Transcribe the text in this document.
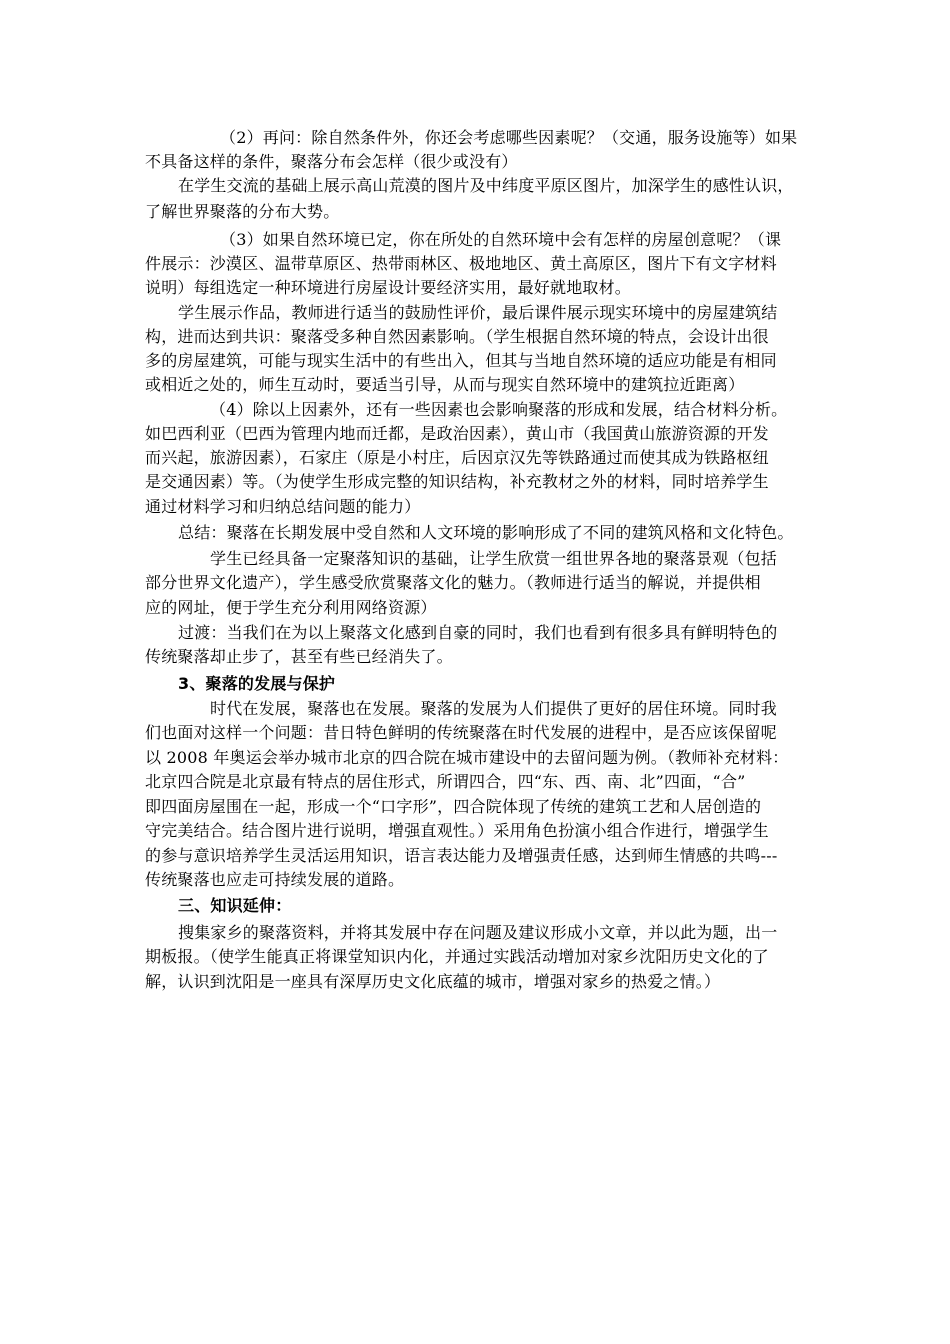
（2）再问：除自然条件外，你还会考虑哪些因素呢？（交通，服务设施等）如果
不具备这样的条件，聚落分布会怎样（很少或没有）
在学生交流的基础上展示高山荒漠的图片及中纬度平原区图片，加深学生的感性认识，
了解世界聚落的分布大势。
（3）如果自然环境已定，你在所处的自然环境中会有怎样的房屋创意呢？（课
件展示：沙漠区、温带草原区、热带雨林区、极地地区、黄土高原区，图片下有文字材料
说明）每组选定一种环境进行房屋设计要经济实用，最好就地取材。
学生展示作品，教师进行适当的鼓励性评价，最后课件展示现实环境中的房屋建筑结
构，进而达到共识：聚落受多种自然因素影响。（学生根据自然环境的特点，会设计出很
多的房屋建筑，可能与现实生活中的有些出入，但其与当地自然环境的适应功能是有相同
或相近之处的，师生互动时，要适当引导，从而与现实自然环境中的建筑拉近距离）
（4）除以上因素外，还有一些因素也会影响聚落的形成和发展，结合材料分析。
如巴西利亚（巴西为管理内地而迁都，是政治因素），黄山市（我国黄山旅游资源的开发
而兴起，旅游因素），石家庄（原是小村庄，后因京汉先等铁路通过而使其成为铁路枢纽
是交通因素）等。（为使学生形成完整的知识结构，补充教材之外的材料，同时培养学生
通过材料学习和归纳总结问题的能力）
总结：聚落在长期发展中受自然和人文环境的影响形成了不同的建筑风格和文化特色。
学生已经具备一定聚落知识的基础，让学生欣赏一组世界各地的聚落景观（包括
部分世界文化遗产），学生感受欣赏聚落文化的魅力。（教师进行适当的解说，并提供相
应的网址，便于学生充分利用网络资源）
过渡：当我们在为以上聚落文化感到自豪的同时，我们也看到有很多具有鲜明特色的
传统聚落却止步了，甚至有些已经消失了。
3、聚落的发展与保护
时代在发展，聚落也在发展。聚落的发展为人们提供了更好的居住环境。同时我
们也面对这样一个问题：昔日特色鲜明的传统聚落在时代发展的进程中，是否应该保留呢
以 2008 年奥运会举办城市北京的四合院在城市建设中的去留问题为例。（教师补充材料：
北京四合院是北京最有特点的居住形式，所谓四合，四“东、西、南、北”四面，“合”
即四面房屋围在一起，形成一个“口字形”，四合院体现了传统的建筑工艺和人居创造的
守完美结合。结合图片进行说明，增强直观性。）采用角色扮演小组合作进行，增强学生
的参与意识培养学生灵活运用知识，语言表达能力及增强责任感，达到师生情感的共鸣---
传统聚落也应走可持续发展的道路。
三、知识延伸：
搜集家乡的聚落资料，并将其发展中存在问题及建议形成小文章，并以此为题，出一
期板报。（使学生能真正将课堂知识内化，并通过实践活动增加对家乡沈阳历史文化的了
解，认识到沈阳是一座具有深厚历史文化底蕴的城市，增强对家乡的热爱之情。）
